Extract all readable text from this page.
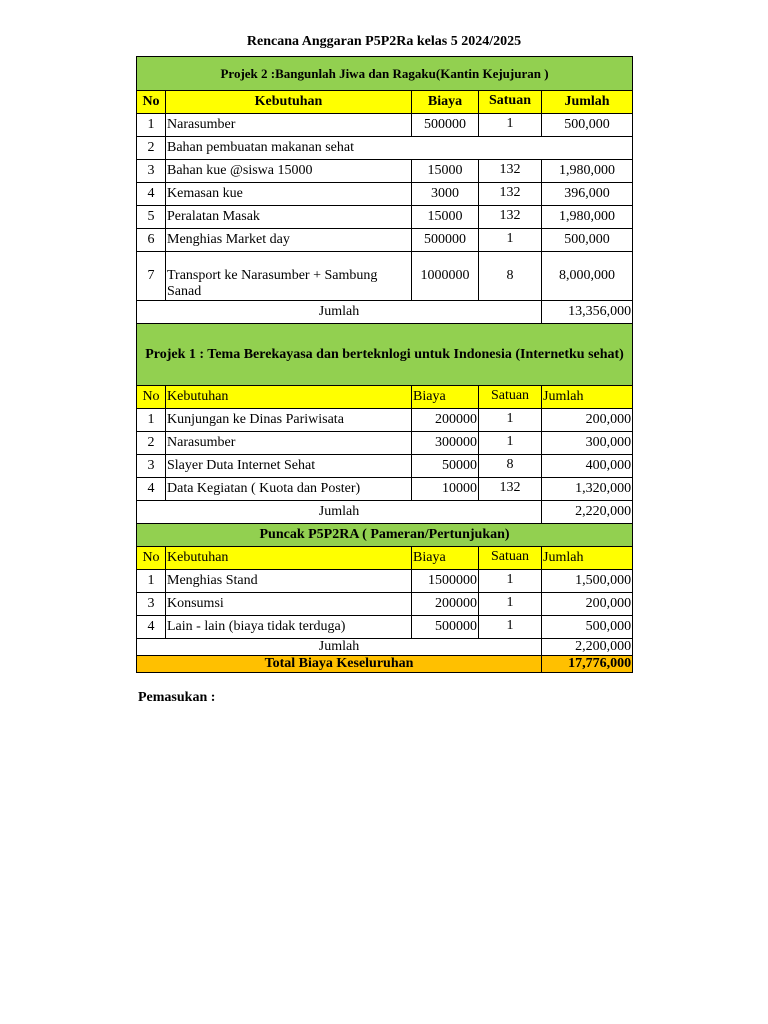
Rencana Anggaran P5P2Ra kelas 5 2024/2025
Projek 2 :Bangunlah Jiwa dan Ragaku(Kantin Kejujuran )				
No	Kebutuhan	Biaya	Satuan	Jumlah
1	Narasumber	500000	1	500,000
2	Bahan pembuatan makanan sehat			
3	Bahan kue @siswa 15000	15000	132	1,980,000
4	Kemasan kue	3000	132	396,000
5	Peralatan Masak	15000	132	1,980,000
6	Menghias Market day	500000	1	500,000
7	Transport ke Narasumber + Sambung Sanad	1000000	8	8,000,000
Jumlah				13,356,000
Projek 1 : Tema Berekayasa dan berteknlogi untuk Indonesia (Internetku sehat)				
No	Kebutuhan	Biaya	Satuan	Jumlah
1	Kunjungan ke Dinas Pariwisata	200000	1	200,000
2	Narasumber	300000	1	300,000
3	Slayer Duta Internet Sehat	50000	8	400,000
4	Data Kegiatan ( Kuota dan Poster)	10000	132	1,320,000
Jumlah				2,220,000
Puncak P5P2RA ( Pameran/Pertunjukan)				
No	Kebutuhan	Biaya	Satuan	Jumlah
1	Menghias Stand	1500000	1	1,500,000
3	Konsumsi	200000	1	200,000
4	Lain - lain (biaya tidak terduga)	500000	1	500,000
Jumlah				2,200,000
Total Biaya Keseluruhan				17,776,000
Pemasukan :
